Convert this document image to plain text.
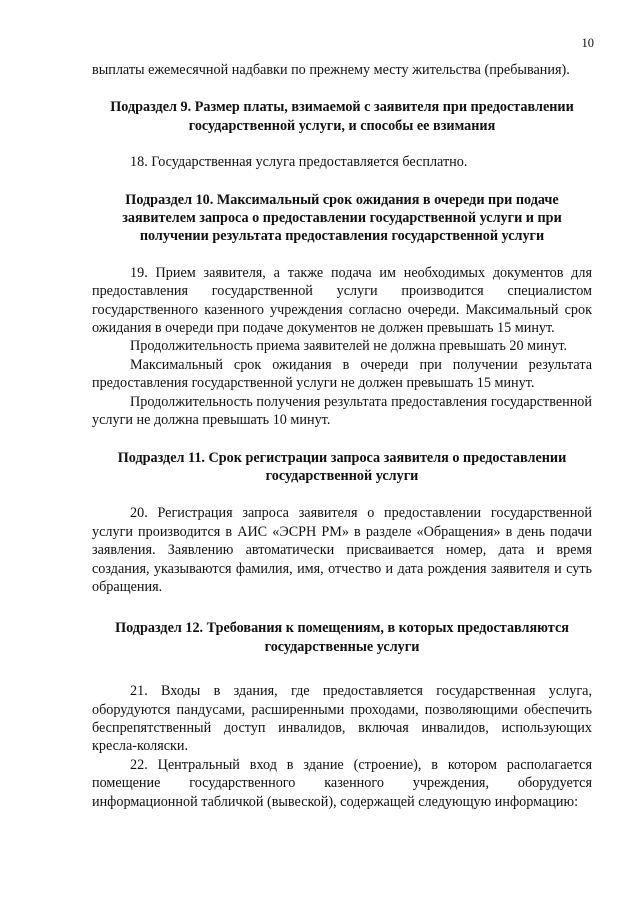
10

выплаты ежемесячной надбавки по прежнему месту жительства (пребывания).

Подраздел 9. Размер платы, взимаемой с заявителя при предоставлении государственной услуги, и способы ее взимания

18. Государственная услуга предоставляется бесплатно.

Подраздел 10. Максимальный срок ожидания в очереди при подаче заявителем запроса о предоставлении государственной услуги и при получении результата предоставления государственной услуги

19. Прием заявителя, а также подача им необходимых документов для предоставления государственной услуги производится специалистом государственного казенного учреждения согласно очереди. Максимальный срок ожидания в очереди при подаче документов не должен превышать 15 минут.

Продолжительность приема заявителей не должна превышать 20 минут.

Максимальный срок ожидания в очереди при получении результата предоставления государственной услуги не должен превышать 15 минут.

Продолжительность получения результата предоставления государственной услуги не должна превышать 10 минут.

Подраздел 11. Срок регистрации запроса заявителя о предоставлении государственной услуги

20. Регистрация запроса заявителя о предоставлении государственной услуги производится в АИС «ЭСРН РМ» в разделе «Обращения» в день подачи заявления. Заявлению автоматически присваивается номер, дата и время создания, указываются фамилия, имя, отчество и дата рождения заявителя и суть обращения.

Подраздел 12. Требования к помещениям, в которых предоставляются государственные услуги

21. Входы в здания, где предоставляется государственная услуга, оборудуются пандусами, расширенными проходами, позволяющими обеспечить беспрепятственный доступ инвалидов, включая инвалидов, использующих кресла-коляски.

22. Центральный вход в здание (строение), в котором располагается помещение государственного казенного учреждения, оборудуется информационной табличкой (вывеской), содержащей следующую информацию:
